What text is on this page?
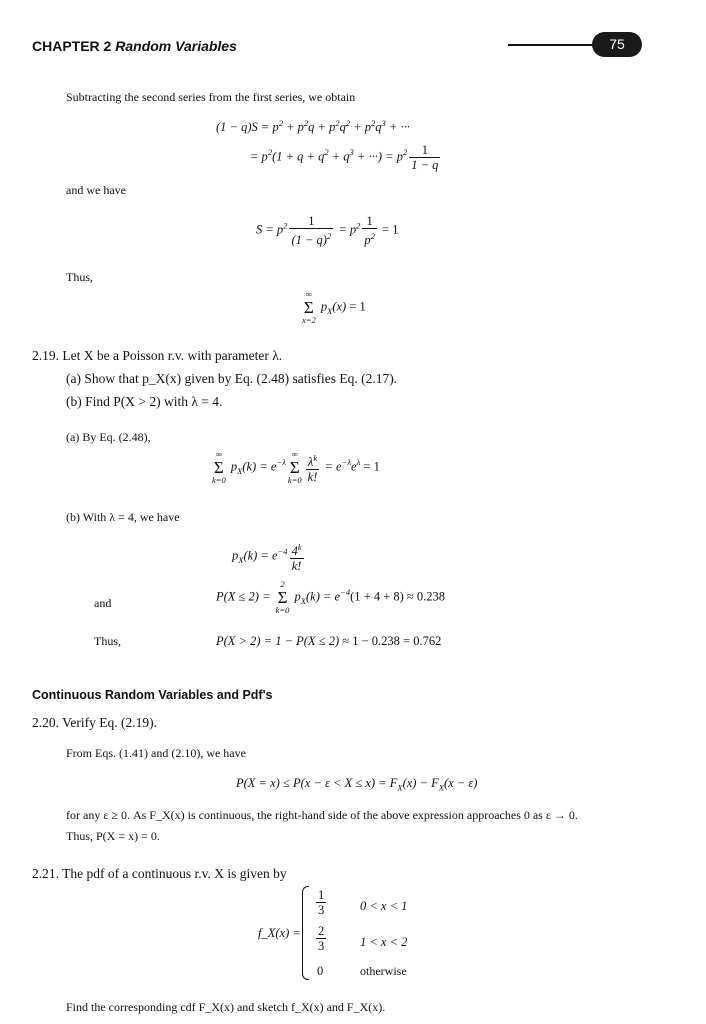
CHAPTER 2 Random Variables	75
Subtracting the second series from the first series, we obtain
$(1 - q)S = p^2 + p^2q + p^2q^2 + p^2q^3$ + ···
= $p^2(1 + q + q^2 + q^3$ + ···) = $p^2 \frac{1}{1 - q}$
and we have
$S = p^2 \frac{1}{(1 - q)^2} = p^2 \frac{1}{p^2} = 1$
Thus,
∞
Σ
x=2
$p_X(x) = 1$
2.19. Let X be a Poisson r.v. with parameter λ.
(a) Show that p_X(x) given by Eq. (2.48) satisfies Eq. (2.17).
(b) Find P(X > 2) with λ = 4.
(a) By Eq. (2.48),
∞
Σ
k=0
$p_X(k) = e^{-\lambda}$
∞
Σ
$k=0 \frac{\lambda^k}{k!} = e^{-\lambda}e^\lambda = 1$
(b) With λ = 4, we have
$p_X(k) = e^{-4} \frac{4^k}{k!}$
and	P(X ≤ 2) =
2
Σ
k=0
$p_X(k) = e^{-4}(1 + 4 + 8) \approx 0.238$
Thus,	P(X > 2) = 1 − P(X ≤ 2) ≈ 1 − 0.238 = 0.762
Continuous Random Variables and Pdf's
2.20. Verify Eq. (2.19).
From Eqs. (1.41) and (2.10), we have
$P(X = x) \le P(x - \varepsilon < X \le x) = F_X(x) - F_X(x - \varepsilon)$
for any ε ≥ 0. As F_X(x) is continuous, the right-hand side of the above expression approaches 0 as ε → 0.
Thus, P(X = x) = 0.
2.21. The pdf of a continuous r.v. X is given by
f_X(x) =
$\frac{1}{3}$	0 < x < 1
$\frac{2}{3}$	1 < x < 2
0	otherwise
Find the corresponding cdf F_X(x) and sketch f_X(x) and F_X(x).
